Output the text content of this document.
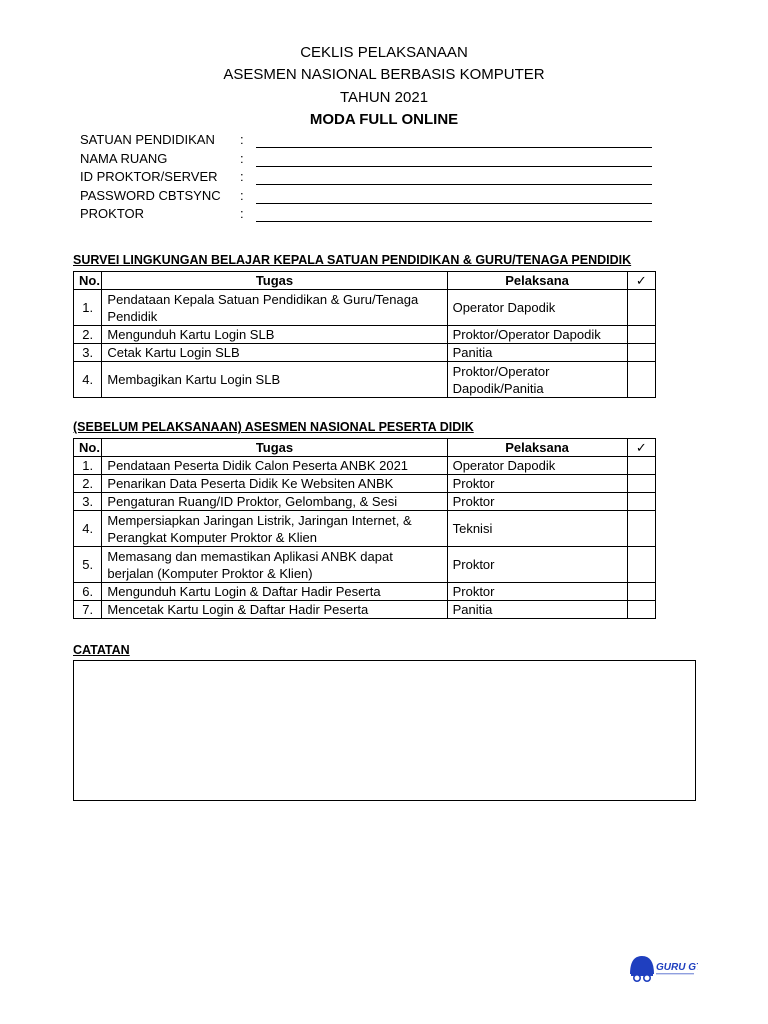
CEKLIS PELAKSANAAN
ASESMEN NASIONAL BERBASIS KOMPUTER
TAHUN 2021
MODA FULL ONLINE
SATUAN PENDIDIKAN :
NAMA RUANG	:
ID PROKTOR/SERVER :
PASSWORD CBTSYNC :
PROKTOR	:
SURVEI LINGKUNGAN BELAJAR KEPALA SATUAN PENDIDIKAN & GURU/TENAGA PENDIDIK
No.	Tugas	Pelaksana	✓
1.	Pendataan Kepala Satuan Pendidikan & Guru/Tenaga Pendidik	Operator Dapodik	
2.	Mengunduh Kartu Login SLB	Proktor/Operator Dapodik	
3.	Cetak Kartu Login SLB	Panitia	
4.	Membagikan Kartu Login SLB	Proktor/Operator Dapodik/Panitia	
(SEBELUM PELAKSANAAN) ASESMEN NASIONAL PESERTA DIDIK
No.	Tugas	Pelaksana	✓
1.	Pendataan Peserta Didik Calon Peserta ANBK 2021	Operator Dapodik	
2.	Penarikan Data Peserta Didik Ke Websiten ANBK	Proktor	
3.	Pengaturan Ruang/ID Proktor, Gelombang, & Sesi	Proktor	
4.	Mempersiapkan Jaringan Listrik, Jaringan Internet, & Perangkat Komputer Proktor & Klien	Teknisi	
5.	Memasang dan memastikan Aplikasi ANBK dapat berjalan (Komputer Proktor & Klien)	Proktor	
6.	Mengunduh Kartu Login & Daftar Hadir Peserta	Proktor	
7.	Mencetak Kartu Login & Daftar Hadir Peserta	Panitia	
CATATAN
GURU GT
